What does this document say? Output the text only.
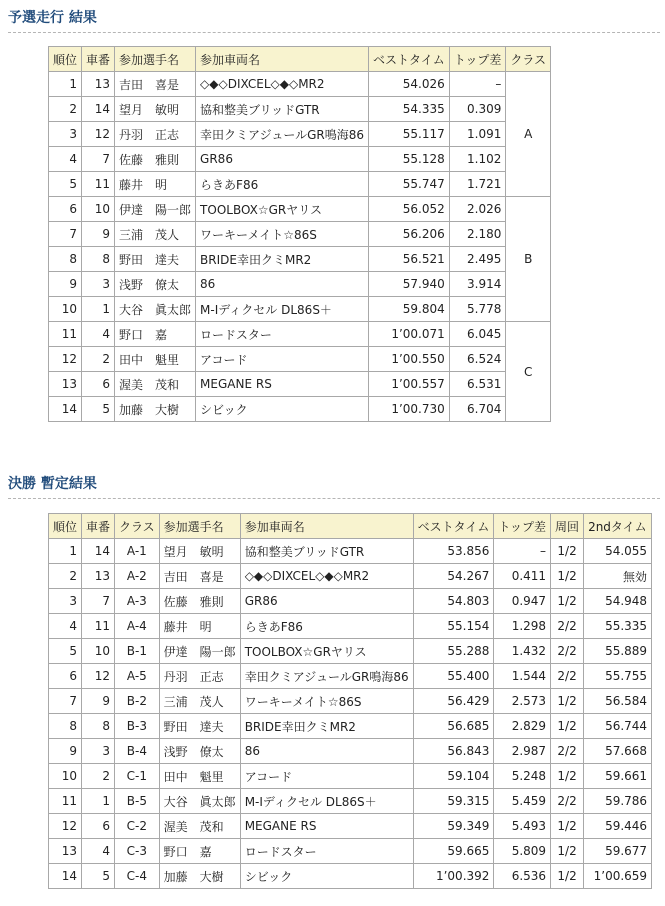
予選走行 結果
順位	車番	参加選手名	参加車両名	ベストタイム	トップ差	クラス
1	13	吉田　喜是	◇◆◇DIXCEL◇◆◇MR2	54.026	–	A
2	14	望月　敏明	協和整美ブリッドGTR	54.335	0.309	
3	12	丹羽　正志	幸田クミアジュールGR鳴海86	55.117	1.091	
4	7	佐藤　雅則	GR86	55.128	1.102	
5	11	藤井　明	らきあF86	55.747	1.721	
6	10	伊達　陽一郎	TOOLBOX☆GRヤリス	56.052	2.026	B
7	9	三浦　茂人	ワーキーメイト☆86S	56.206	2.180	
8	8	野田　達夫	BRIDE幸田クミMR2	56.521	2.495	
9	3	浅野　僚太	86	57.940	3.914	
10	1	大谷　眞太郎	M-Iディクセル DL86S＋	59.804	5.778	
11	4	野口　嘉	ロードスター	1’00.071	6.045	C
12	2	田中　魁里	アコード	1’00.550	6.524	
13	6	渥美　茂和	MEGANE RS	1’00.557	6.531	
14	5	加藤　大樹	シビック	1’00.730	6.704	
決勝 暫定結果
順位	車番	クラス	参加選手名	参加車両名	ベストタイム	トップ差	周回	2ndタイム
1	14	A-1	望月　敏明	協和整美ブリッドGTR	53.856	–	1/2	54.055
2	13	A-2	吉田　喜是	◇◆◇DIXCEL◇◆◇MR2	54.267	0.411	1/2	無効
3	7	A-3	佐藤　雅則	GR86	54.803	0.947	1/2	54.948
4	11	A-4	藤井　明	らきあF86	55.154	1.298	2/2	55.335
5	10	B-1	伊達　陽一郎	TOOLBOX☆GRヤリス	55.288	1.432	2/2	55.889
6	12	A-5	丹羽　正志	幸田クミアジュールGR鳴海86	55.400	1.544	2/2	55.755
7	9	B-2	三浦　茂人	ワーキーメイト☆86S	56.429	2.573	1/2	56.584
8	8	B-3	野田　達夫	BRIDE幸田クミMR2	56.685	2.829	1/2	56.744
9	3	B-4	浅野　僚太	86	56.843	2.987	2/2	57.668
10	2	C-1	田中　魁里	アコード	59.104	5.248	1/2	59.661
11	1	B-5	大谷　眞太郎	M-Iディクセル DL86S＋	59.315	5.459	2/2	59.786
12	6	C-2	渥美　茂和	MEGANE RS	59.349	5.493	1/2	59.446
13	4	C-3	野口　嘉	ロードスター	59.665	5.809	1/2	59.677
14	5	C-4	加藤　大樹	シビック	1’00.392	6.536	1/2	1’00.659
